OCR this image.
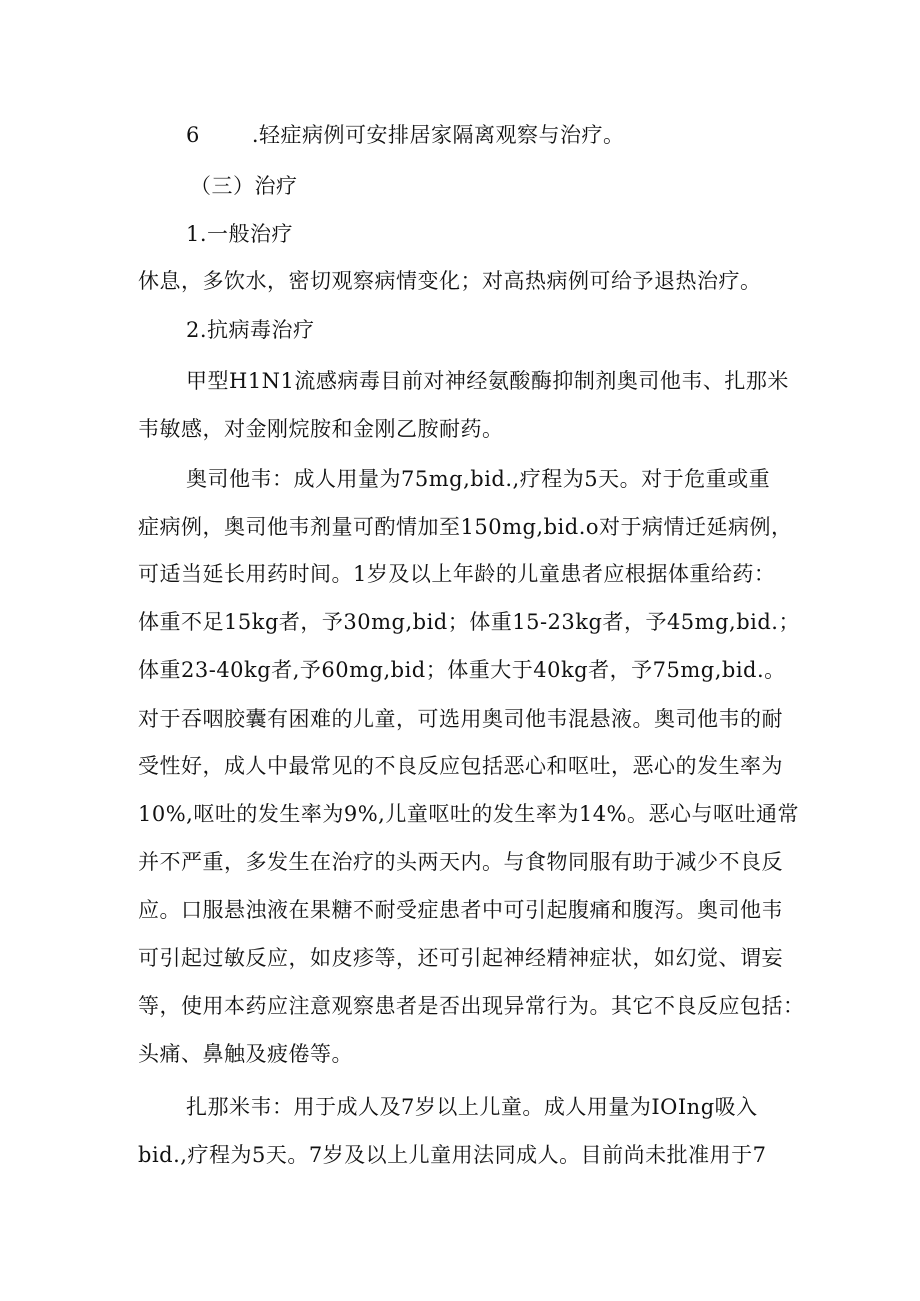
6 .轻症病例可安排居家隔离观察与治疗。
（三）治疗
1.一般治疗
休息，多饮水，密切观察病情变化；对高热病例可给予退热治疗。
2.抗病毒治疗
甲型H1N1流感病毒目前对神经氨酸酶抑制剂奥司他韦、扎那米
韦敏感，对金刚烷胺和金刚乙胺耐药。
奥司他韦：成人用量为75mg,bid.,疗程为5天。对于危重或重
症病例，奥司他韦剂量可酌情加至150mg,bid.o对于病情迁延病例，
可适当延长用药时间。1岁及以上年龄的儿童患者应根据体重给药：
体重不足15kg者，予30mg,bid；体重15-23kg者，予45mg,bid.；
体重23-40kg者,予60mg,bid；体重大于40kg者，予75mg,bid.。
对于吞咽胶囊有困难的儿童，可选用奥司他韦混悬液。奥司他韦的耐
受性好，成人中最常见的不良反应包括恶心和呕吐，恶心的发生率为
10%,呕吐的发生率为9%,儿童呕吐的发生率为14%。恶心与呕吐通常
并不严重，多发生在治疗的头两天内。与食物同服有助于减少不良反
应。口服悬浊液在果糖不耐受症患者中可引起腹痛和腹泻。奥司他韦
可引起过敏反应，如皮疹等，还可引起神经精神症状，如幻觉、谓妄
等，使用本药应注意观察患者是否出现异常行为。其它不良反应包括：
头痛、鼻触及疲倦等。
扎那米韦：用于成人及7岁以上儿童。成人用量为IOIng吸入
bid.,疗程为5天。7岁及以上儿童用法同成人。目前尚未批准用于7
